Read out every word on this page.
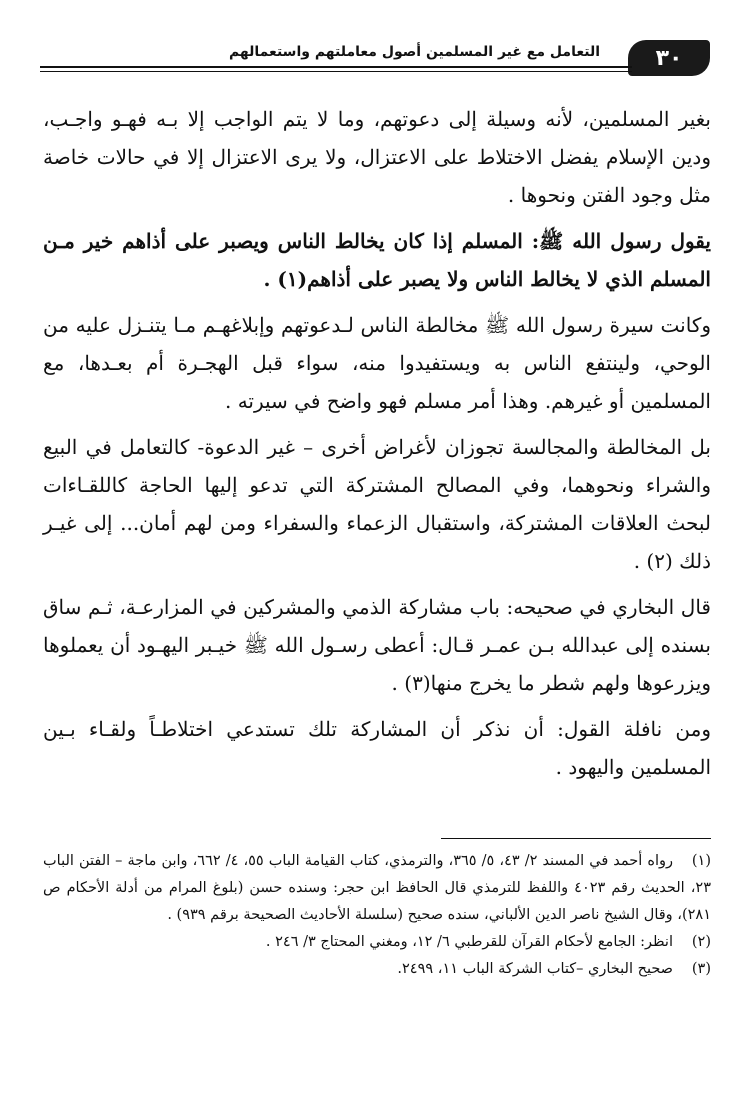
٣٠
التعامل مع غير المسلمين أصول معاملتهم واستعمالهم

بغير المسلمين، لأنه وسيلة إلى دعوتهم، وما لا يتم الواجب إلا بـه فهـو واجـب، ودين الإسلام يفضل الاختلاط على الاعتزال، ولا يرى الاعتزال إلا في حالات خاصة مثل وجود الفتن ونحوها .

يقول رسول الله ﷺ: المسلم إذا كان يخالط الناس ويصبر على أذاهم خير مـن المسلم الذي لا يخالط الناس ولا يصبر على أذاهم(١) .

وكانت سيرة رسول الله ﷺ مخالطة الناس لـدعوتهم وإبلاغهـم مـا يتنـزل عليه من الوحي، ولينتفع الناس به ويستفيدوا منه، سواء قبل الهجـرة أم بعـدها، مع المسلمين أو غيرهم. وهذا أمر مسلم فهو واضح في سيرته .

بل المخالطة والمجالسة تجوزان لأغراض أخرى – غير الدعوة- كالتعامل في البيع والشراء ونحوهما، وفي المصالح المشتركة التي تدعو إليها الحاجة كاللقـاءات لبحث العلاقات المشتركة، واستقبال الزعماء والسفراء ومن لهم أمان... إلى غيـر ذلك (٢) .

قال البخاري في صحيحه: باب مشاركة الذمي والمشركين في المزارعـة، ثـم ساق بسنده إلى عبدالله بـن عمـر قـال: أعطى رسـول الله ﷺ خيـبر اليهـود أن يعملوها ويزرعوها ولهم شطر ما يخرج منها(٣) .

ومن نافلة القول: أن نذكر أن المشاركة تلك تستدعي اختلاطـاً ولقـاء بـين المسلمين واليهود .

(١)رواه أحمد في المسند ٢/ ٤٣، ٥/ ٣٦٥، والترمذي، كتاب القيامة الباب ٥٥، ٤/ ٦٦٢، وابن ماجة – الفتن الباب ٢٣، الحديث رقم ٤٠٢٣ واللفظ للترمذي قال الحافظ ابن حجر: وسنده حسن (بلوغ المرام من أدلة الأحكام ص ٢٨١)، وقال الشيخ ناصر الدين الألباني، سنده صحيح (سلسلة الأحاديث الصحيحة برقم ٩٣٩) .

(٢)انظر: الجامع لأحكام القرآن للقرطبي ٦/ ١٢، ومغني المحتاج ٣/ ٢٤٦ .

(٣)صحيح البخاري –كتاب الشركة الباب ١١، ٢٤٩٩.
